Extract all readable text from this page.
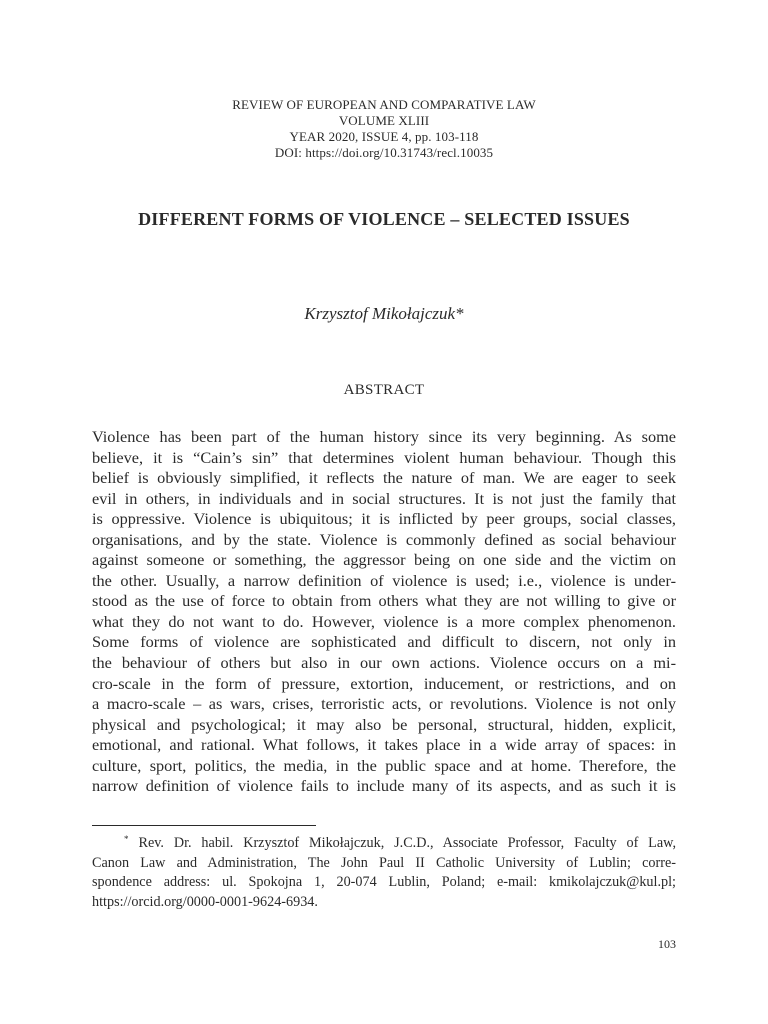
REVIEW OF EUROPEAN AND COMPARATIVE LAW
VOLUME XLIII
YEAR 2020, ISSUE 4, pp. 103-118
DOI: https://doi.org/10.31743/recl.10035
DIFFERENT FORMS OF VIOLENCE – SELECTED ISSUES
Krzysztof Mikołajczuk*
ABSTRACT
Violence has been part of the human history since its very beginning. As some
believe, it is “Cain’s sin” that determines violent human behaviour. Though this
belief is obviously simplified, it reflects the nature of man. We are eager to seek
evil in others, in individuals and in social structures. It is not just the family that
is oppressive. Violence is ubiquitous; it is inflicted by peer groups, social classes,
organisations, and by the state. Violence is commonly defined as social behaviour
against someone or something, the aggressor being on one side and the victim on
the other. Usually, a narrow definition of violence is used; i.e., violence is under-
stood as the use of force to obtain from others what they are not willing to give or
what they do not want to do. However, violence is a more complex phenomenon.
Some forms of violence are sophisticated and difficult to discern, not only in
the behaviour of others but also in our own actions. Violence occurs on a mi-
cro-scale in the form of pressure, extortion, inducement, or restrictions, and on
a macro-scale – as wars, crises, terroristic acts, or revolutions. Violence is not only
physical and psychological; it may also be personal, structural, hidden, explicit,
emotional, and rational. What follows, it takes place in a wide array of spaces: in
culture, sport, politics, the media, in the public space and at home. Therefore, the
narrow definition of violence fails to include many of its aspects, and as such it is
* Rev. Dr. habil. Krzysztof Mikołajczuk, J.C.D., Associate Professor, Faculty of Law,
Canon Law and Administration, The John Paul II Catholic University of Lublin; corre-
spondence address: ul. Spokojna 1, 20-074 Lublin, Poland; e-mail: kmikolajczuk@kul.pl;
https://orcid.org/0000-0001-9624-6934.
103
